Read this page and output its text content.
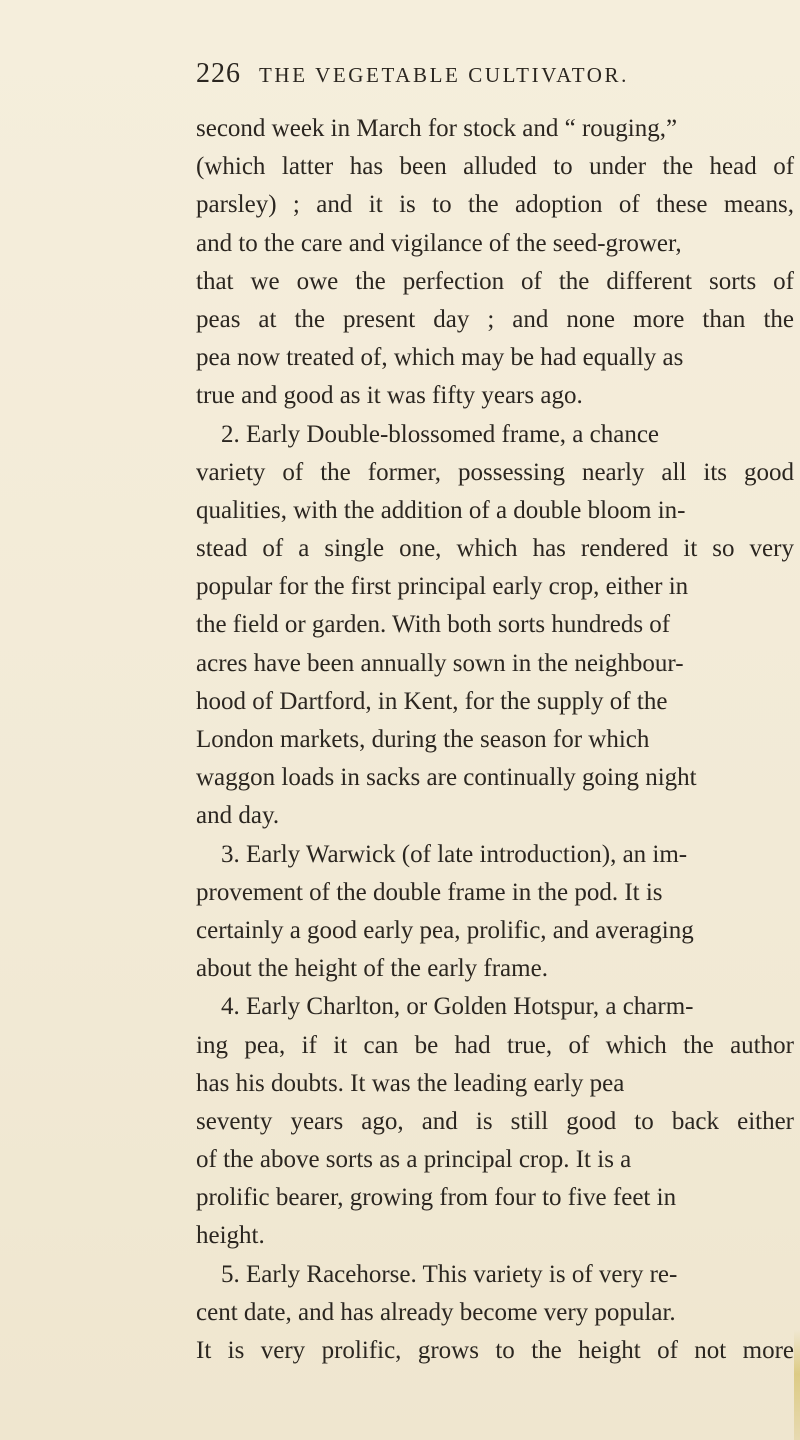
226 THE VEGETABLE CULTIVATOR.
second week in March for stock and “ rouging,”
(which latter has been alluded to under the head of
parsley) ; and it is to the adoption of these means,
and to the care and vigilance of the seed-grower,
that we owe the perfection of the different sorts of
peas at the present day ; and none more than the
pea now treated of, which may be had equally as
true and good as it was fifty years ago.
2. Early Double-blossomed frame, a chance
variety of the former, possessing nearly all its good
qualities, with the addition of a double bloom in-
stead of a single one, which has rendered it so very
popular for the first principal early crop, either in
the field or garden. With both sorts hundreds of
acres have been annually sown in the neighbour-
hood of Dartford, in Kent, for the supply of the
London markets, during the season for which
waggon loads in sacks are continually going night
and day.
3. Early Warwick (of late introduction), an im-
provement of the double frame in the pod. It is
certainly a good early pea, prolific, and averaging
about the height of the early frame.
4. Early Charlton, or Golden Hotspur, a charm-
ing pea, if it can be had true, of which the author
has his doubts. It was the leading early pea
seventy years ago, and is still good to back either
of the above sorts as a principal crop. It is a
prolific bearer, growing from four to five feet in
height.
5. Early Racehorse. This variety is of very re-
cent date, and has already become very popular.
It is very prolific, grows to the height of not more
